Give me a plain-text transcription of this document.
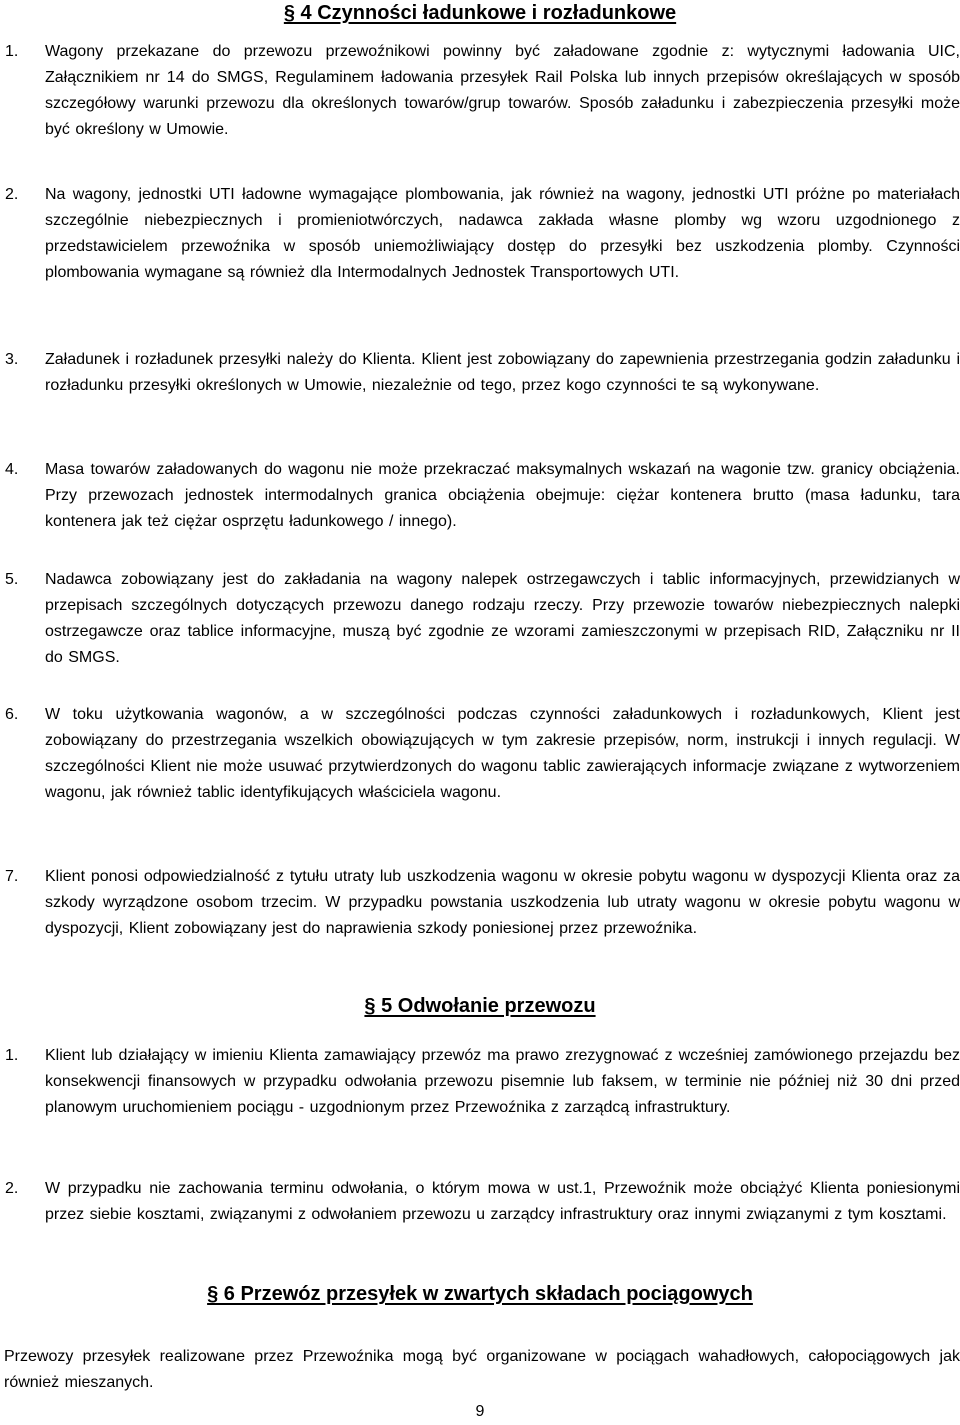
§ 4 Czynności ładunkowe i rozładunkowe
1.	Wagony przekazane do przewozu przewoźnikowi powinny być załadowane zgodnie z: wytycznymi ładowania UIC, Załącznikiem nr 14 do SMGS, Regulaminem ładowania przesyłek Rail Polska lub innych przepisów określających w sposób szczegółowy warunki przewozu dla określonych towarów/grup towarów. Sposób załadunku i zabezpieczenia przesyłki może być określony w Umowie.
2.	Na wagony, jednostki UTI ładowne wymagające plombowania, jak również na wagony, jednostki UTI próżne po materiałach szczególnie niebezpiecznych i promieniotwórczych, nadawca zakłada własne plomby wg wzoru uzgodnionego z przedstawicielem przewoźnika w sposób uniemożliwiający dostęp do przesyłki bez uszkodzenia plomby. Czynności plombowania wymagane są również dla Intermodalnych Jednostek Transportowych UTI.
3.	Załadunek i rozładunek przesyłki należy do Klienta. Klient jest zobowiązany do zapewnienia przestrzegania godzin załadunku i rozładunku przesyłki określonych w Umowie, niezależnie od tego, przez kogo czynności te są wykonywane.
4.	Masa towarów załadowanych do wagonu nie może przekraczać maksymalnych wskazań na wagonie tzw. granicy obciążenia. Przy przewozach jednostek intermodalnych granica obciążenia obejmuje: ciężar kontenera brutto (masa ładunku, tara kontenera jak też ciężar osprzętu ładunkowego / innego).
5.	Nadawca zobowiązany jest do zakładania na wagony nalepek ostrzegawczych i tablic informacyjnych, przewidzianych w przepisach szczególnych dotyczących przewozu danego rodzaju rzeczy. Przy przewozie towarów niebezpiecznych nalepki ostrzegawcze oraz tablice informacyjne, muszą być zgodnie ze wzorami zamieszczonymi w przepisach RID, Załączniku nr II do SMGS.
6.	W toku użytkowania wagonów, a w szczególności podczas czynności załadunkowych i rozładunkowych, Klient jest zobowiązany do przestrzegania wszelkich obowiązujących w tym zakresie przepisów, norm, instrukcji i innych regulacji. W szczególności Klient nie może usuwać przytwierdzonych do wagonu tablic zawierających informacje związane z wytworzeniem wagonu, jak również tablic identyfikujących właściciela wagonu.
7.	Klient ponosi odpowiedzialność z tytułu utraty lub uszkodzenia wagonu w okresie pobytu wagonu w dyspozycji Klienta oraz za szkody wyrządzone osobom trzecim. W przypadku powstania uszkodzenia lub utraty wagonu w okresie pobytu wagonu w dyspozycji, Klient zobowiązany jest do naprawienia szkody poniesionej przez przewoźnika.
§ 5 Odwołanie przewozu
1.	Klient lub działający w imieniu Klienta zamawiający przewóz ma prawo zrezygnować z wcześniej zamówionego przejazdu bez konsekwencji finansowych w przypadku odwołania przewozu pisemnie lub faksem, w terminie nie później niż 30 dni przed planowym uruchomieniem pociągu - uzgodnionym przez Przewoźnika z zarządcą infrastruktury.
2.	W przypadku nie zachowania terminu odwołania, o którym mowa w ust.1, Przewoźnik może obciążyć Klienta poniesionymi przez siebie kosztami, związanymi z odwołaniem przewozu u zarządcy infrastruktury oraz innymi związanymi z tym kosztami.
§ 6 Przewóz przesyłek w zwartych składach pociągowych
Przewozy przesyłek realizowane przez Przewoźnika mogą być organizowane w pociągach wahadłowych, całopociągowych jak również mieszanych.
9
